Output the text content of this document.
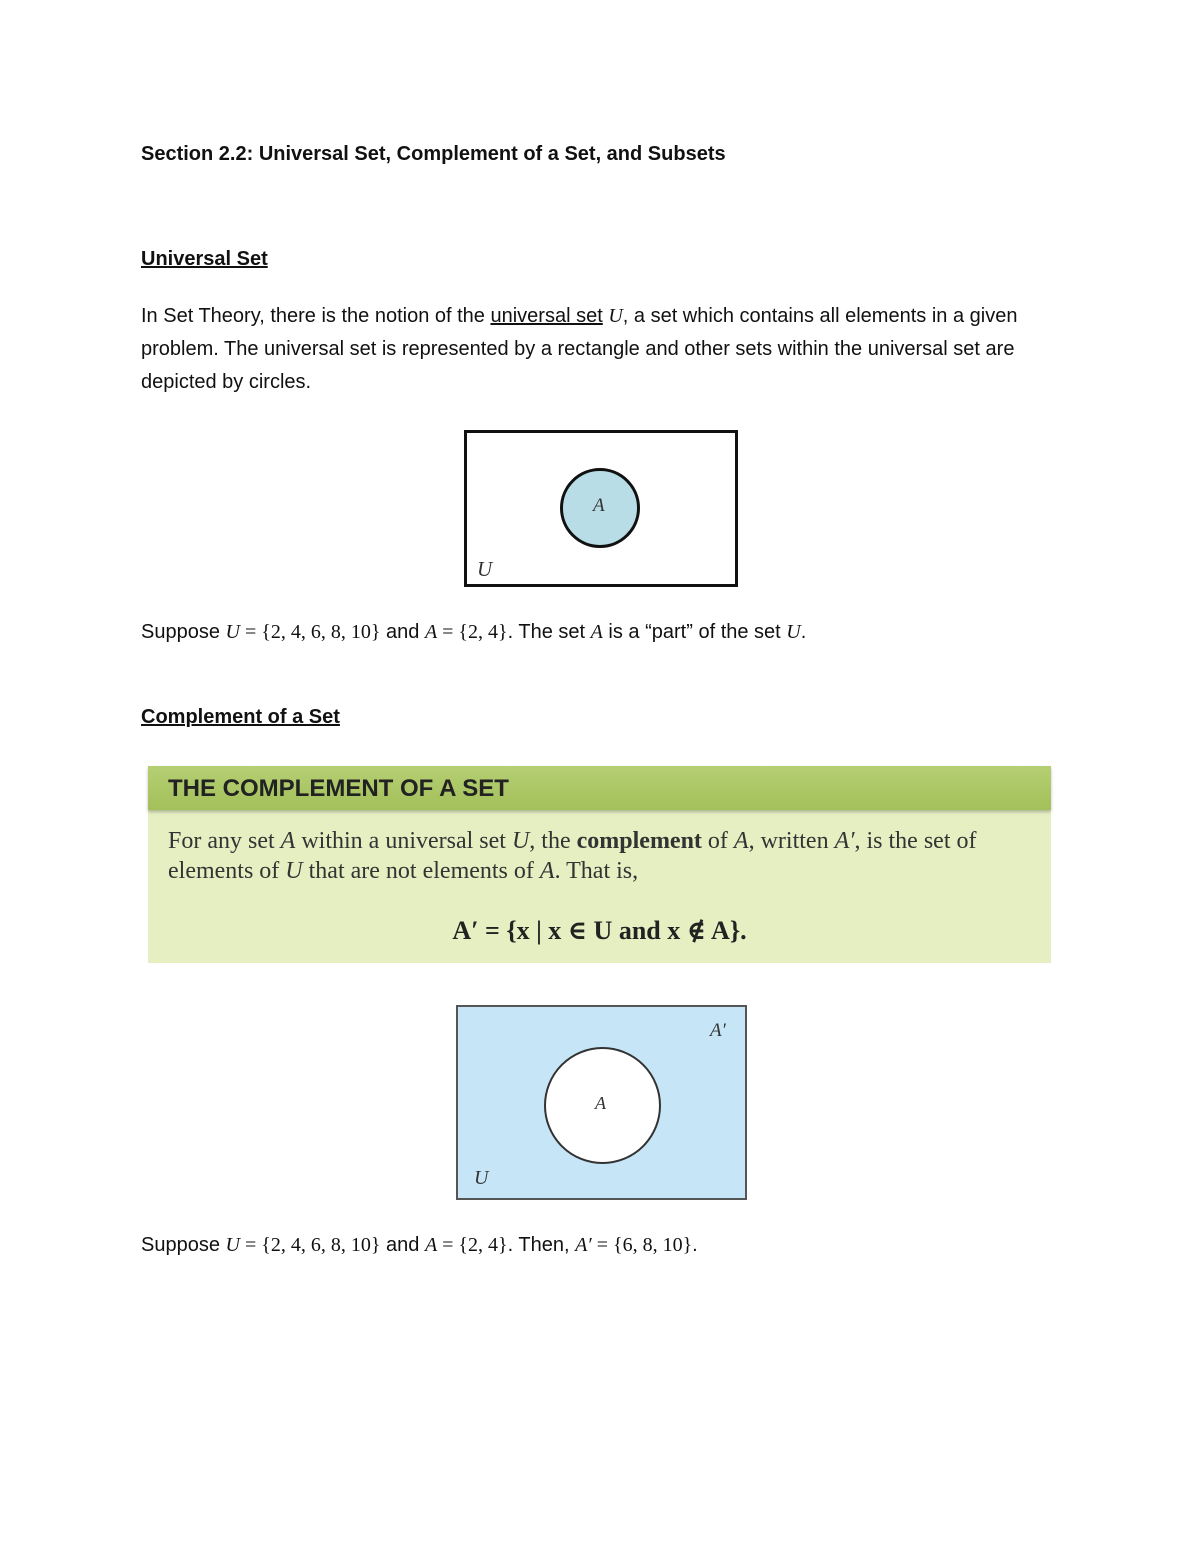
Section 2.2: Universal Set, Complement of a Set, and Subsets
Universal Set
In Set Theory, there is the notion of the universal set U, a set which contains all elements in a given problem. The universal set is represented by a rectangle and other sets within the universal set are depicted by circles.
A
U
Suppose U = {2, 4, 6, 8, 10} and A = {2, 4}. The set A is a “part” of the set U.
Complement of a Set
THE COMPLEMENT OF A SET
For any set A within a universal set U, the complement of A, written A′, is the set of elements of U that are not elements of A. That is,
A′ = {x | x ∈ U and x ∉ A}.
A
A′
U
Suppose U = {2, 4, 6, 8, 10} and A = {2, 4}. Then, A′ = {6, 8, 10}.
